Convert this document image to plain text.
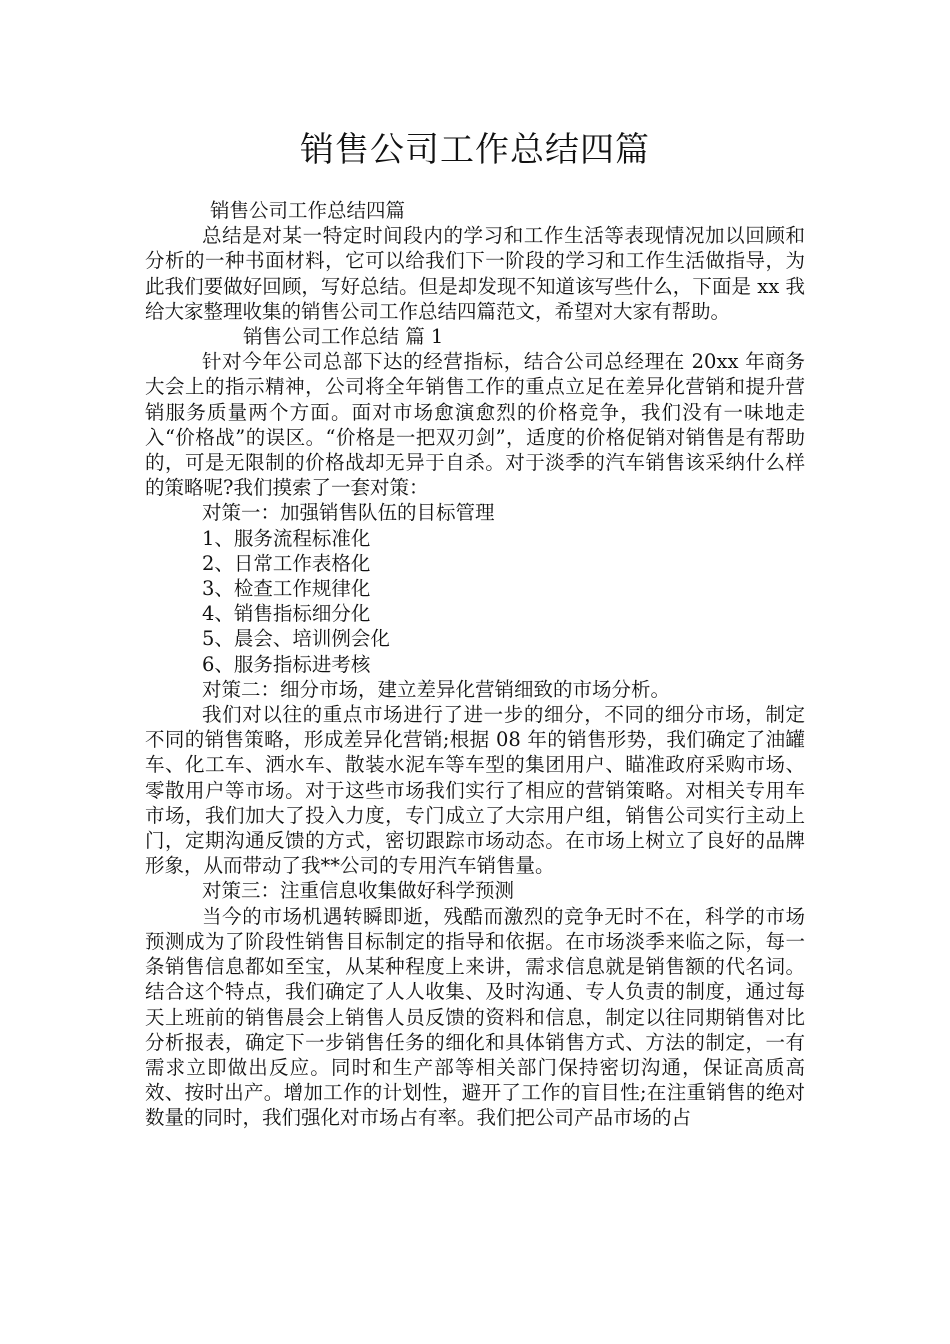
销售公司工作总结四篇

销售公司工作总结四篇

总结是对某一特定时间段内的学习和工作生活等表现情况加以回顾和分析的一种书面材料，它可以给我们下一阶段的学习和工作生活做指导，为此我们要做好回顾，写好总结。但是却发现不知道该写些什么，下面是 xx 我给大家整理收集的销售公司工作总结四篇范文，希望对大家有帮助。

销售公司工作总结 篇 1

针对今年公司总部下达的经营指标，结合公司总经理在 20xx 年商务大会上的指示精神，公司将全年销售工作的重点立足在差异化营销和提升营销服务质量两个方面。面对市场愈演愈烈的价格竞争，我们没有一味地走入“价格战”的误区。“价格是一把双刃剑”，适度的价格促销对销售是有帮助的，可是无限制的价格战却无异于自杀。对于淡季的汽车销售该采纳什么样的策略呢?我们摸索了一套对策：

对策一：加强销售队伍的目标管理

1、服务流程标准化

2、日常工作表格化

3、检查工作规律化

4、销售指标细分化

5、晨会、培训例会化

6、服务指标进考核

对策二：细分市场，建立差异化营销细致的市场分析。

我们对以往的重点市场进行了进一步的细分，不同的细分市场，制定不同的销售策略，形成差异化营销;根据 08 年的销售形势，我们确定了油罐车、化工车、洒水车、散装水泥车等车型的集团用户、瞄准政府采购市场、零散用户等市场。对于这些市场我们实行了相应的营销策略。对相关专用车市场，我们加大了投入力度，专门成立了大宗用户组，销售公司实行主动上门，定期沟通反馈的方式，密切跟踪市场动态。在市场上树立了良好的品牌形象，从而带动了我**公司的专用汽车销售量。

对策三：注重信息收集做好科学预测

当今的市场机遇转瞬即逝，残酷而激烈的竞争无时不在，科学的市场预测成为了阶段性销售目标制定的指导和依据。在市场淡季来临之际，每一条销售信息都如至宝，从某种程度上来讲，需求信息就是销售额的代名词。结合这个特点，我们确定了人人收集、及时沟通、专人负责的制度，通过每天上班前的销售晨会上销售人员反馈的资料和信息，制定以往同期销售对比分析报表，确定下一步销售任务的细化和具体销售方式、方法的制定，一有需求立即做出反应。同时和生产部等相关部门保持密切沟通，保证高质高效、按时出产。增加工作的计划性，避开了工作的盲目性;在注重销售的绝对数量的同时，我们强化对市场占有率。我们把公司产品市场的占
